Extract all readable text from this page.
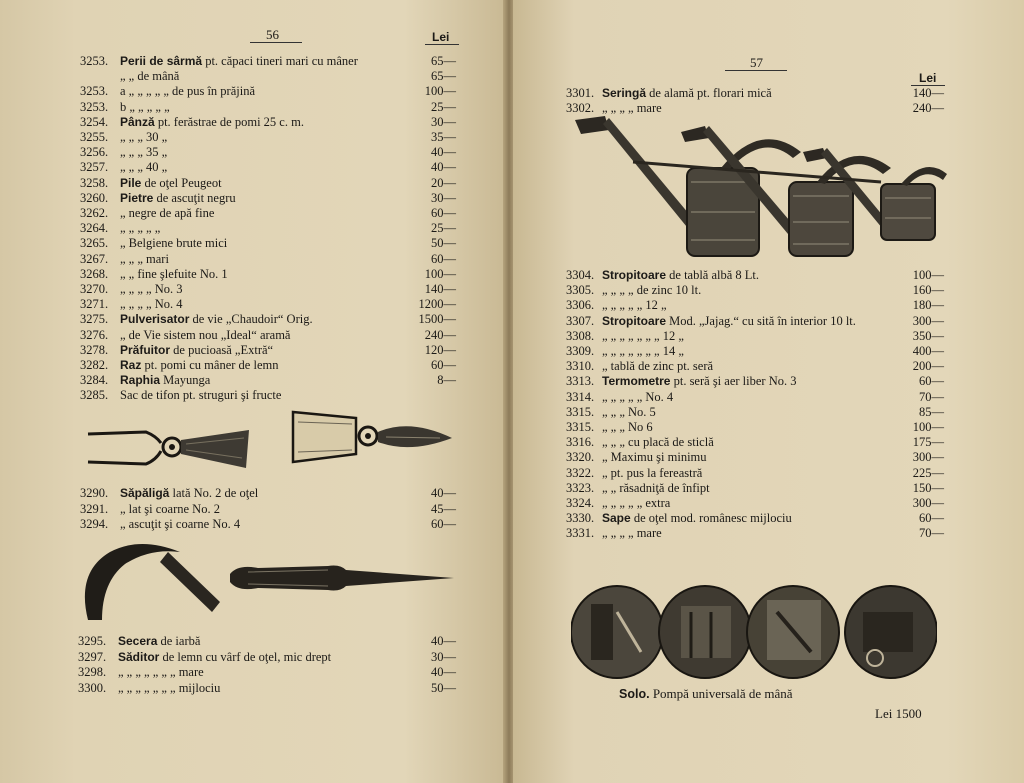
56	Lei
3253. Perii de sârmă pt. căpaci tineri mari cu mâner	65—
„ „ de mână	65—
3253. a „ „ „ „ „ de pus în prăjină	100—
3253. b „ „ „ „ „	25—
3254. Pânză pt. ferăstrae de pomi 25 c. m.	30—
3255. „ „ „ 30 „	35—
3256. „ „ „ 35 „	40—
3257. „ „ „ 40 „	40—
3258. Pile de oţel Peugeot	20—
3260. Pietre de ascuţit negru	30—
3262. „ negre de apă fine	60—
3264. „ „ „ „ „	25—
3265. „ Belgiene brute mici	50—
3267. „ „ „ mari	60—
3268. „ „ fine şlefuite No. 1	100—
3270. „ „ „ „ No. 3	140—
3271. „ „ „ „ No. 4	1200—
3275. Pulverisator de vie „Chaudoir“ Orig.	1500—
3276. „ de Vie sistem nou „Ideal“ aramă	240—
3278. Prăfuitor de pucioasă „Extră“	120—
3282. Raz pt. pomi cu mâner de lemn	60—
3284. Raphia Mayunga	8—
3285. Sac de tifon pt. struguri şi fructe
3290. Săpăligă lată No. 2 de oţel	40—
3291. „ lat şi coarne No. 2	45—
3294. „ ascuţit şi coarne No. 4	60—
3295. Secera de iarbă	40—
3297. Săditor de lemn cu vârf de oţel, mic drept	30—
3298. „ „ „ „ „ „ „ mare	40—
3300. „ „ „ „ „ „ „ mijlociu	50—
57
Lei
3301. Seringă de alamă pt. florari mică	140—
3302. „ „ „ „ mare	240—
3304. Stropitoare de tablă albă 8 Lt.	100—
3305. „ „ „ „ de zinc 10 lt.	160—
3306. „ „ „ „ „ 12 „	180—
3307. Stropitoare Mod. „Jajag.“ cu sită în interior 10 lt.	300—
3308. „ „ „ „ „ „ „ 12 „	350—
3309. „ „ „ „ „ „ „ 14 „	400—
3310. „ tablă de zinc pt. seră	200—
3313. Termometre pt. seră şi aer liber No. 3	60—
3314. „ „ „ „ „ No. 4	70—
3315. „ „ „ No. 5	85—
3315. „ „ „ No 6	100—
3316. „ „ „ cu placă de sticlă	175—
3320. „ Maximu şi minimu	300—
3322. „ pt. pus la fereastră	225—
3323. „ „ răsadniţă de înfipt	150—
3324. „ „ „ „ „ extra	300—
3330. Sape de oţel mod. românesc mijlociu	60—
3331. „ „ „ „ mare	70—
Solo. Pompă universală de mână
Lei 1500
